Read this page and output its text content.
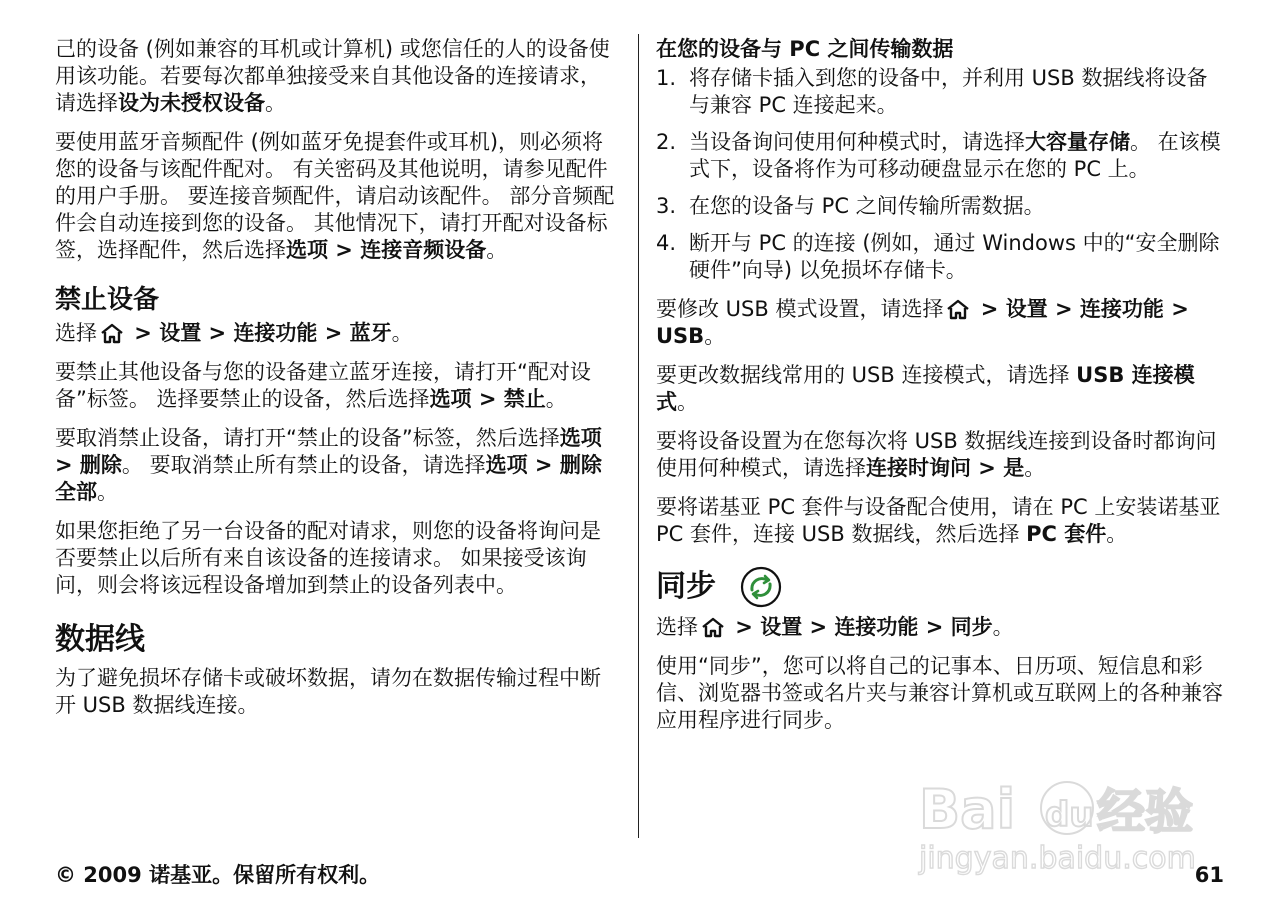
己的设备 (例如兼容的耳机或计算机) 或您信任的人的设备使用该功能。若要每次都单独接受来自其他设备的连接请求，请选择设为未授权设备。

要使用蓝牙音频配件 (例如蓝牙免提套件或耳机)，则必须将您的设备与该配件配对。 有关密码及其他说明，请参见配件的用户手册。 要连接音频配件，请启动该配件。 部分音频配件会自动连接到您的设备。 其他情况下，请打开配对设备标签，选择配件，然后选择选项 > 连接音频设备。

禁止设备

选择 > 设置 > 连接功能 > 蓝牙。

要禁止其他设备与您的设备建立蓝牙连接，请打开“配对设备”标签。 选择要禁止的设备，然后选择选项 > 禁止。

要取消禁止设备，请打开“禁止的设备”标签，然后选择选项 > 删除。 要取消禁止所有禁止的设备，请选择选项 > 删除全部。

如果您拒绝了另一台设备的配对请求，则您的设备将询问是否要禁止以后所有来自该设备的连接请求。 如果接受该询问，则会将该远程设备增加到禁止的设备列表中。

数据线

为了避免损坏存储卡或破坏数据，请勿在数据传输过程中断开 USB 数据线连接。

在您的设备与 PC 之间传输数据
1. 将存储卡插入到您的设备中，并利用 USB 数据线将设备与兼容 PC 连接起来。
2. 当设备询问使用何种模式时，请选择大容量存储。 在该模式下，设备将作为可移动硬盘显示在您的 PC 上。
3. 在您的设备与 PC 之间传输所需数据。
4. 断开与 PC 的连接 (例如，通过 Windows 中的“安全删除硬件”向导) 以免损坏存储卡。

要修改 USB 模式设置，请选择 > 设置 > 连接功能 > USB。

要更改数据线常用的 USB 连接模式，请选择 USB 连接模式。

要将设备设置为在您每次将 USB 数据线连接到设备时都询问使用何种模式，请选择连接时询问 > 是。

要将诺基亚 PC 套件与设备配合使用，请在 PC 上安装诺基亚 PC 套件，连接 USB 数据线，然后选择 PC 套件。

同步

选择 > 设置 > 连接功能 > 同步。

使用“同步”，您可以将自己的记事本、日历项、短信息和彩信、浏览器书签或名片夹与兼容计算机或互联网上的各种兼容应用程序进行同步。

Bai du 经验
jingyan.baidu.com
© 2009 诺基亚。保留所有权利。	61
